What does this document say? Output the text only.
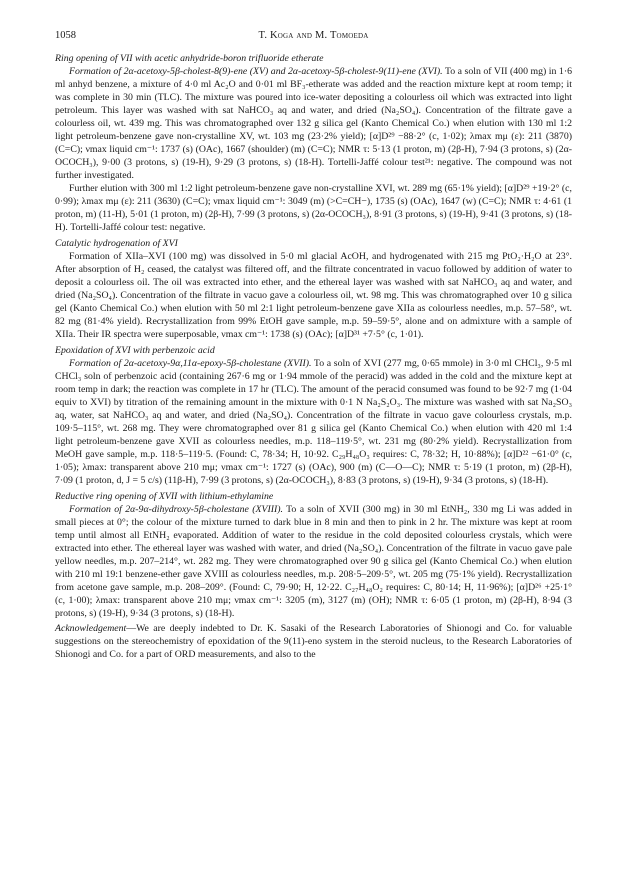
1058	T. Koga and M. Tomoeda
Ring opening of VII with acetic anhydride-boron trifluoride etherate

Formation of 2α-acetoxy-5β-cholest-8(9)-ene (XV) and 2α-acetoxy-5β-cholest-9(11)-ene (XVI). To a soln of VII (400 mg) in 1·6 ml anhyd benzene, a mixture of 4·0 ml Ac₂O and 0·01 ml BF₃-etherate was added and the reaction mixture kept at room temp; it was complete in 30 min (TLC). The mixture was poured into ice-water depositing a colourless oil which was extracted into light petroleum. This layer was washed with sat NaHCO₃ aq and water, and dried (Na₂SO₄). Concentration of the filtrate gave a colourless oil, wt. 439 mg. This was chromatographed over 132 g silica gel (Kanto Chemical Co.) when elution with 130 ml 1:2 light petroleum-benzene gave non-crystalline XV, wt. 103 mg (23·2% yield); [α]D²⁹ −88·2° (c, 1·02); λmax mμ (ε): 211 (3870) (C=C); νmax liquid cm⁻¹: 1737 (s) (OAc), 1667 (shoulder) (m) (C=C); NMR τ: 5·13 (1 proton, m) (2β-H), 7·94 (3 protons, s) (2α-OCOCH₃), 9·00 (3 protons, s) (19-H), 9·29 (3 protons, s) (18-H). Tortelli-Jaffé colour test²¹: negative. The compound was not further investigated.

Further elution with 300 ml 1:2 light petroleum-benzene gave non-crystalline XVI, wt. 289 mg (65·1% yield); [α]D²⁹ +19·2° (c, 0·99); λmax mμ (ε): 211 (3630) (C=C); νmax liquid cm⁻¹: 3049 (m) (>C=CH−), 1735 (s) (OAc), 1647 (w) (C=C); NMR τ: 4·61 (1 proton, m) (11-H), 5·01 (1 proton, m) (2β-H), 7·99 (3 protons, s) (2α-OCOCH₃), 8·91 (3 protons, s) (19-H), 9·41 (3 protons, s) (18-H). Tortelli-Jaffé colour test: negative.

Catalytic hydrogenation of XVI

Formation of XIIa–XVI (100 mg) was dissolved in 5·0 ml glacial AcOH, and hydrogenated with 215 mg PtO₂·H₂O at 23°. After absorption of H₂ ceased, the catalyst was filtered off, and the filtrate concentrated in vacuo followed by addition of water to deposit a colourless oil. The oil was extracted into ether, and the ethereal layer was washed with sat NaHCO₃ aq and water, and dried (Na₂SO₄). Concentration of the filtrate in vacuo gave a colourless oil, wt. 98 mg. This was chromatographed over 10 g silica gel (Kanto Chemical Co.) when elution with 50 ml 2:1 light petroleum-benzene gave XIIa as colourless needles, m.p. 57–58°, wt. 82 mg (81·4% yield). Recrystallization from 99% EtOH gave sample, m.p. 59–59·5°, alone and on admixture with a sample of XIIa. Their IR spectra were superposable, νmax cm⁻¹: 1738 (s) (OAc); [α]D³¹ +7·5° (c, 1·01).

Epoxidation of XVI with perbenzoic acid

Formation of 2α-acetoxy-9α,11α-epoxy-5β-cholestane (XVII). To a soln of XVI (277 mg, 0·65 mmole) in 3·0 ml CHCl₃, 9·5 ml CHCl₃ soln of perbenzoic acid (containing 267·6 mg or 1·94 mmole of the peracid) was added in the cold and the mixture kept at room temp in dark; the reaction was complete in 17 hr (TLC). The amount of the peracid consumed was found to be 92·7 mg (1·04 equiv to XVI) by titration of the remaining amount in the mixture with 0·1 N Na₂S₂O₃. The mixture was washed with sat Na₂SO₃ aq, water, sat NaHCO₃ aq and water, and dried (Na₂SO₄). Concentration of the filtrate in vacuo gave colourless crystals, m.p. 109·5–115°, wt. 268 mg. They were chromatographed over 81 g silica gel (Kanto Chemical Co.) when elution with 420 ml 1:4 light petroleum-benzene gave XVII as colourless needles, m.p. 118–119·5°, wt. 231 mg (80·2% yield). Recrystallization from MeOH gave sample, m.p. 118·5–119·5. (Found: C, 78·34; H, 10·92. C₂₉H₄₈O₃ requires: C, 78·32; H, 10·88%); [α]D²² −61·0° (c, 1·05); λmax: transparent above 210 mμ; νmax cm⁻¹: 1727 (s) (OAc), 900 (m) (C—O—C); NMR τ: 5·19 (1 proton, m) (2β-H), 7·09 (1 proton, d, J = 5 c/s) (11β-H), 7·99 (3 protons, s) (2α-OCOCH₃), 8·83 (3 protons, s) (19-H), 9·34 (3 protons, s) (18-H).

Reductive ring opening of XVII with lithium-ethylamine

Formation of 2α-9α-dihydroxy-5β-cholestane (XVIII). To a soln of XVII (300 mg) in 30 ml EtNH₂, 330 mg Li was added in small pieces at 0°; the colour of the mixture turned to dark blue in 8 min and then to pink in 2 hr. The mixture was kept at room temp until almost all EtNH₂ evaporated. Addition of water to the residue in the cold deposited colourless crystals, which were extracted into ether. The ethereal layer was washed with water, and dried (Na₂SO₄). Concentration of the filtrate in vacuo gave pale yellow needles, m.p. 207–214°, wt. 282 mg. They were chromatographed over 90 g silica gel (Kanto Chemical Co.) when elution with 210 ml 19:1 benzene-ether gave XVIII as colourless needles, m.p. 208·5–209·5°, wt. 205 mg (75·1% yield). Recrystallization from acetone gave sample, m.p. 208–209°. (Found: C, 79·90; H, 12·22. C₂₇H₄₈O₂ requires: C, 80·14; H, 11·96%); [α]D²⁶ +25·1° (c, 1·00); λmax: transparent above 210 mμ; νmax cm⁻¹: 3205 (m), 3127 (m) (OH); NMR τ: 6·05 (1 proton, m) (2β-H), 8·94 (3 protons, s) (19-H), 9·34 (3 protons, s) (18-H).

Acknowledgement—We are deeply indebted to Dr. K. Sasaki of the Research Laboratories of Shionogi and Co. for valuable suggestions on the stereochemistry of epoxidation of the 9(11)-eno system in the steroid nucleus, to the Research Laboratories of Shionogi and Co. for a part of ORD measurements, and also to the
